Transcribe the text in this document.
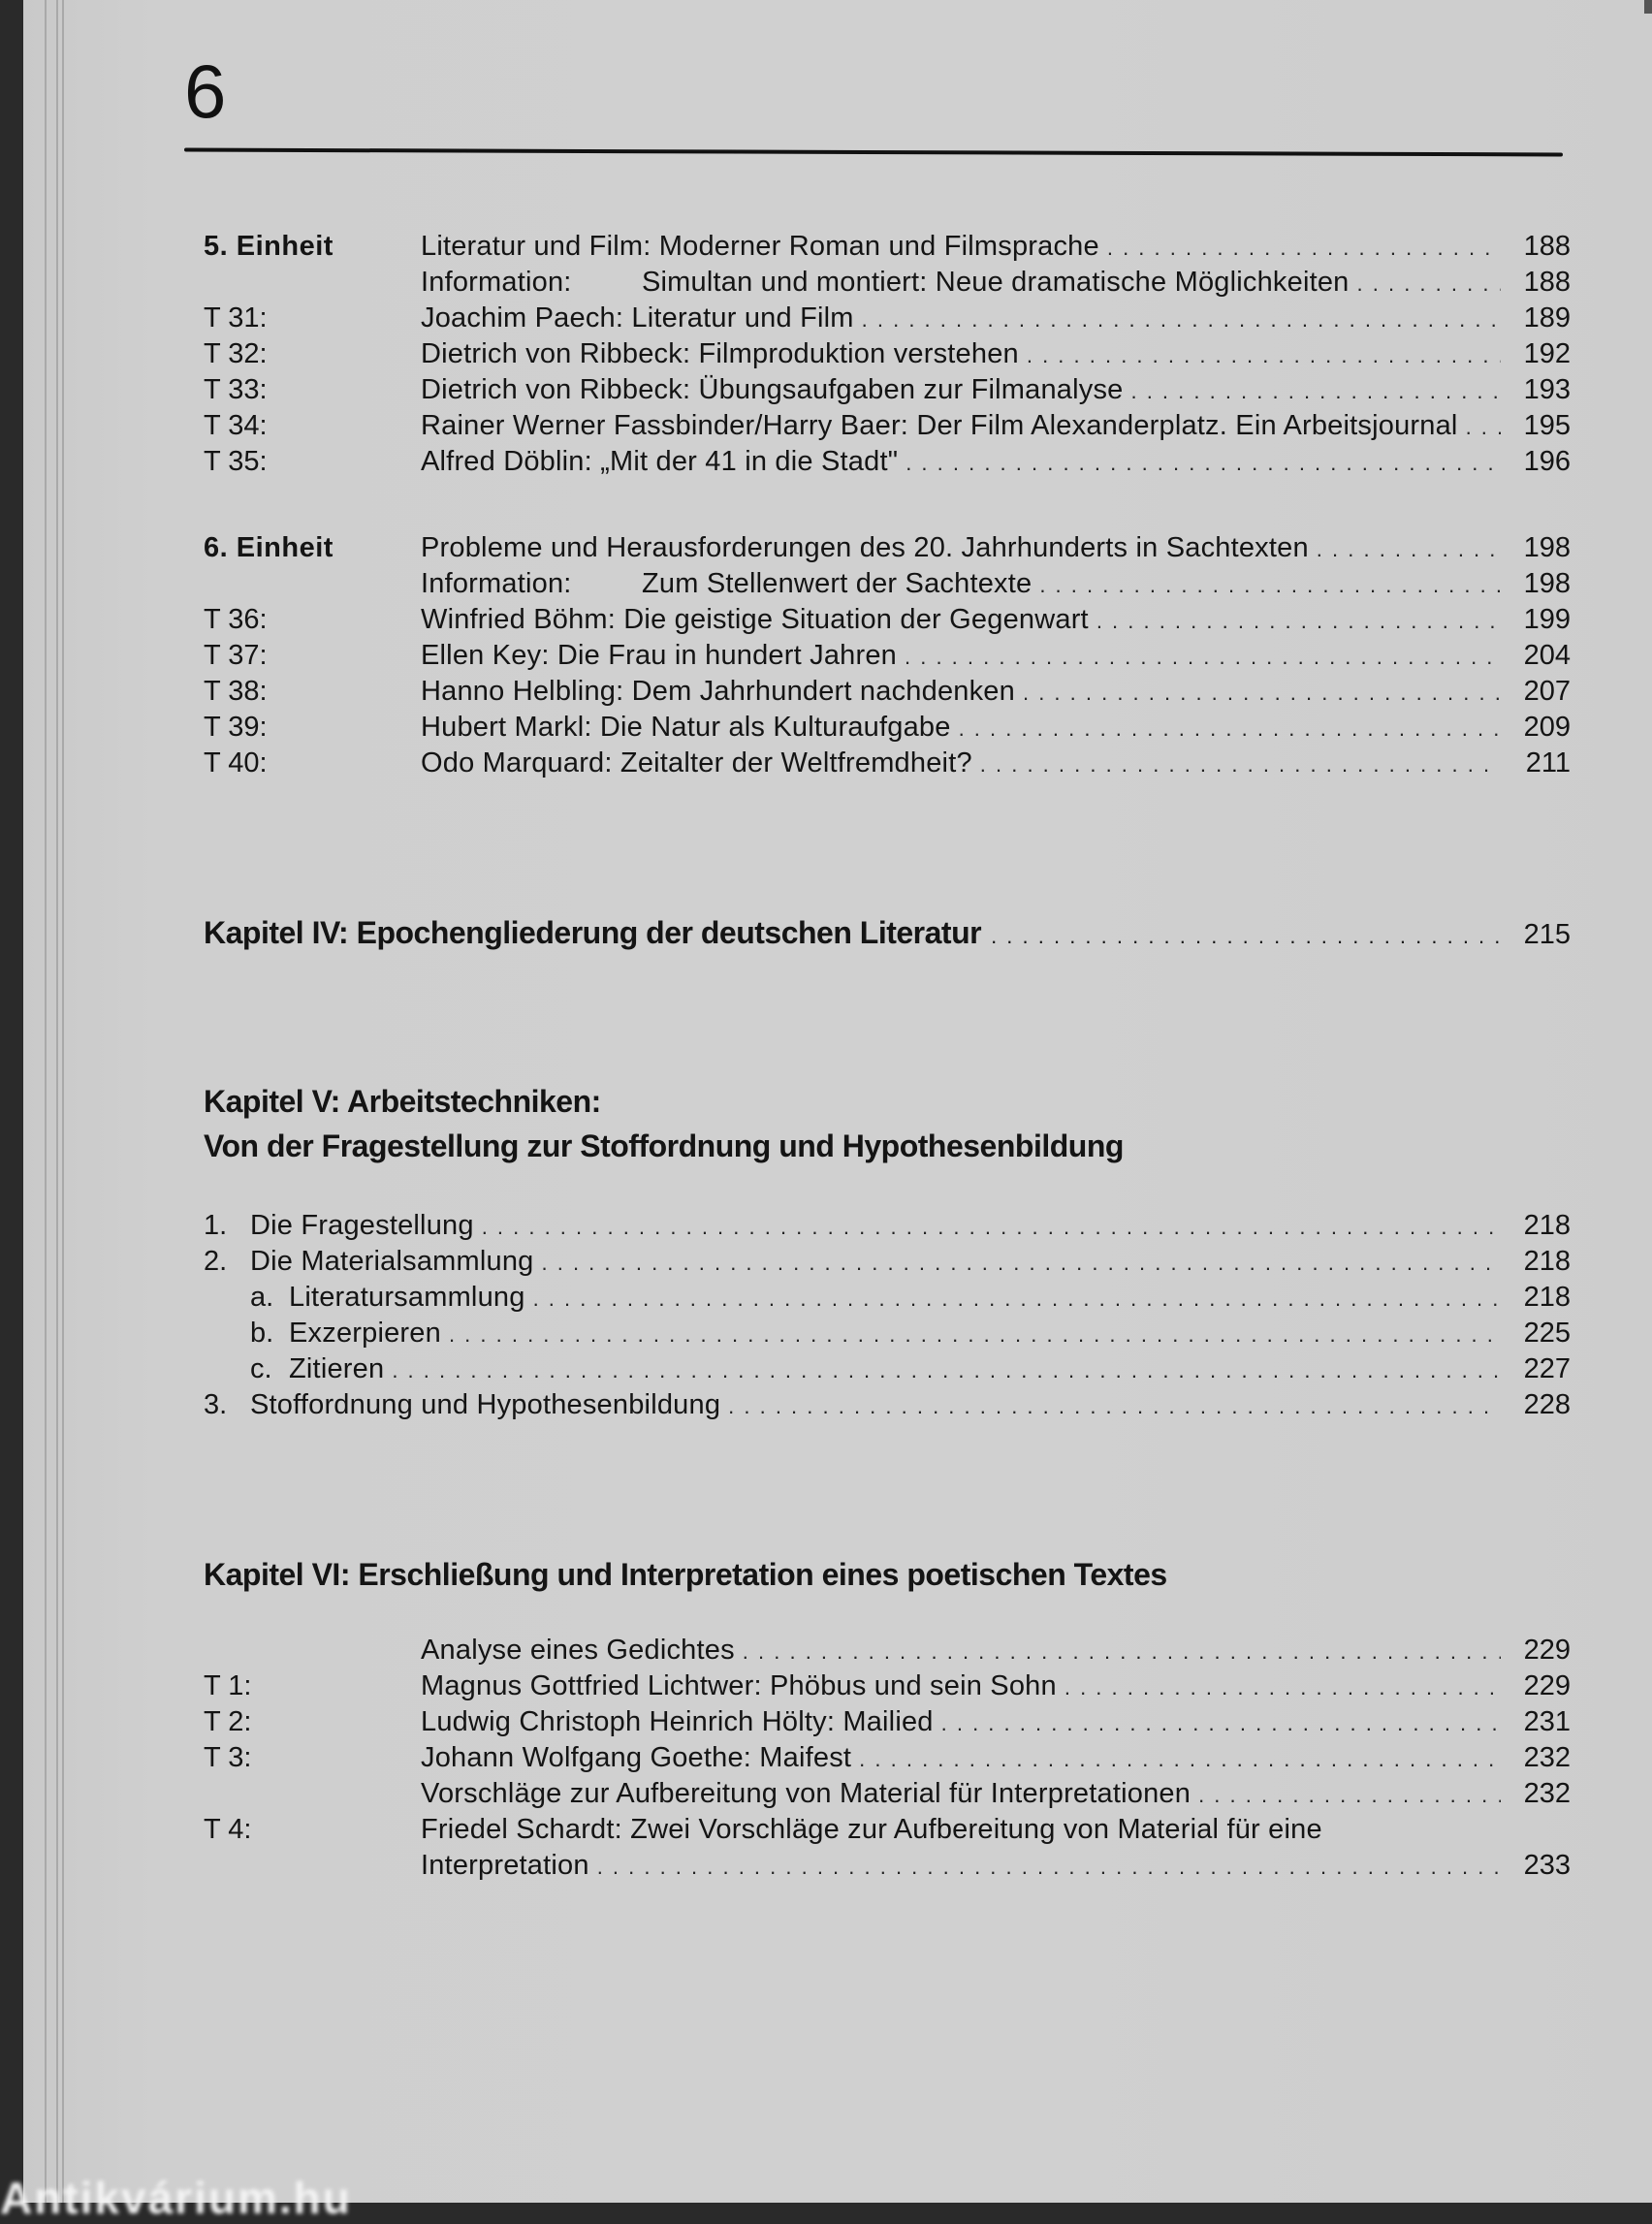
6
5. Einheit	Literatur und Film: Moderner Roman und Filmsprache . . .	188
Information:	Simultan und montiert: Neue dramatische Möglichkeiten . . .	188
T 31:	Joachim Paech: Literatur und Film . . .	189
T 32:	Dietrich von Ribbeck: Filmproduktion verstehen . . .	192
T 33:	Dietrich von Ribbeck: Übungsaufgaben zur Filmanalyse . . .	193
T 34:	Rainer Werner Fassbinder/Harry Baer: Der Film Alexanderplatz. Ein Arbeitsjournal . . .	195
T 35:	Alfred Döblin: „Mit der 41 in die Stadt" . . .	196
6. Einheit	Probleme und Herausforderungen des 20. Jahrhunderts in Sachtexten . . .	198
Information:	Zum Stellenwert der Sachtexte . . .	198
T 36:	Winfried Böhm: Die geistige Situation der Gegenwart . . .	199
T 37:	Ellen Key: Die Frau in hundert Jahren . . .	204
T 38:	Hanno Helbling: Dem Jahrhundert nachdenken . . .	207
T 39:	Hubert Markl: Die Natur als Kulturaufgabe . . .	209
T 40:	Odo Marquard: Zeitalter der Weltfremdheit? . . .	211
Kapitel IV: Epochengliederung der deutschen Literatur . . .	215
Kapitel V: Arbeitstechniken:
Von der Fragestellung zur Stoffordnung und Hypothesenbildung
1. Die Fragestellung . . .	218
2. Die Materialsammlung . . .	218
a. Literatursammlung . . .	218
b. Exzerpieren . . .	225
c. Zitieren . . .	227
3. Stoffordnung und Hypothesenbildung . . .	228
Kapitel VI: Erschließung und Interpretation eines poetischen Textes
Analyse eines Gedichtes . . .	229
T 1:	Magnus Gottfried Lichtwer: Phöbus und sein Sohn . . .	229
T 2:	Ludwig Christoph Heinrich Hölty: Mailied . . .	231
T 3:	Johann Wolfgang Goethe: Maifest . . .	232
Vorschläge zur Aufbereitung von Material für Interpretationen . . .	232
T 4:	Friedel Schardt: Zwei Vorschläge zur Aufbereitung von Material für eine
Interpretation . . .	233
Antikvárium.hu
